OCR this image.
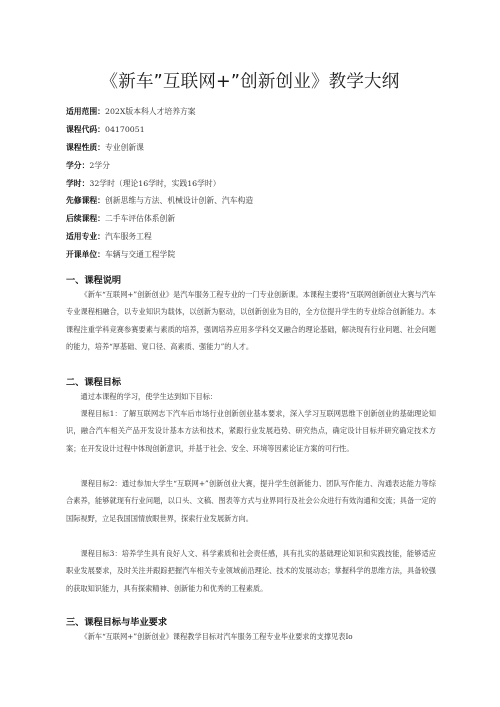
《新车”互联网+”创新创业》教学大纲
适用范围：202X版本科人才培养方案
课程代码：04170051
课程性质：专业创新课
学分：2学分
学时：32学时（理论16学时，实践16学时）
先修课程：创新思维与方法、机械设计创新、汽车构造
后续课程：二手车评估体系创新
适用专业：汽车服务工程
开课单位：车辆与交通工程学院
一、课程说明
《新车“互联网+”创新创业》是汽车服务工程专业的一门专业创新课。本课程主要将“互联网创新创业大赛与汽车专业课程相融合，以专业知识为载体，以创新为驱动，以创新创业为目的，全方位提升学生的专业综合创新能力。本课程注重学科竞赛参赛要素与素质的培养，强调培养应用多学科交叉融合的理论基础，解决现有行业问题、社会问题的能力，培养“厚基础、宽口径、高素质、强能力”的人才。
二、课程目标
通过本课程的学习，使学生达到如下目标：
课程目标1：了解互联网志下汽车后市场行业创新创业基本要求，深入学习互联网思维下创新创业的基础理论知识，融合汽车相关产品开发设计基本方法和技术，紧跟行业发展趋势、研究热点，确定设计目标并研究确定技术方案；在开发设计过程中体现创新意识，并基于社会、安全、环境等因素论证方案的可行性。
课程目标2：通过参加大学生“互联网+”创新创业大赛，提升学生创新能力、团队写作能力、沟通表达能力等综合素养，能够就现有行业问题，以口头、文稿、图表等方式与业界同行及社会公众进行有效沟通和交流；具备一定的国际视野，立足我国国情放眼世界，探索行业发展新方向。
课程目标3：培养学生具有良好人文、科学素质和社会责任感，具有扎实的基础理论知识和实践技能，能够适应职业发展要求，及时关注并跟踪把握汽车相关专业领域前沿理论、技术的发展动态；掌握科学的思维方法，具备较强的获取知识能力，具有探索精神、创新能力和优秀的工程素质。
三、课程目标与毕业要求
《新车“互联网+”创新创业》课程教学目标对汽车服务工程专业毕业要求的支撑见表Io
